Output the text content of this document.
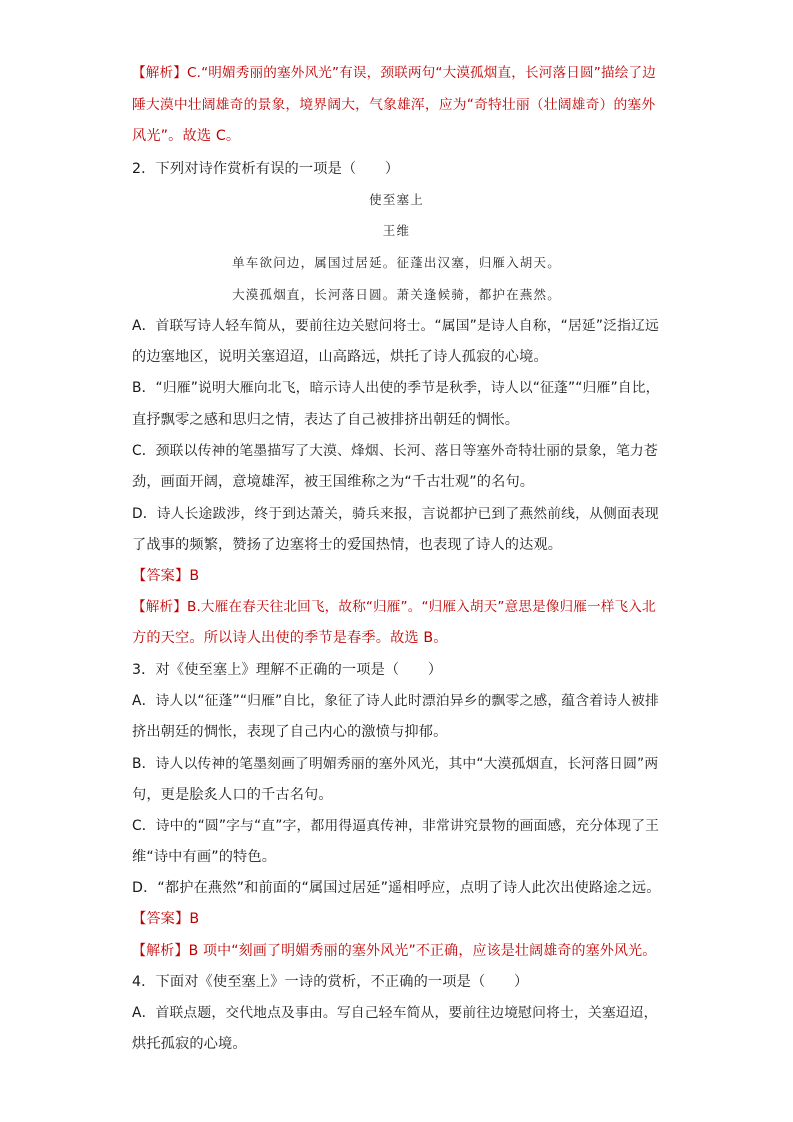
【解析】C.“明媚秀丽的塞外风光”有误，颈联两句“大漠孤烟直，长河落日圆”描绘了边
陲大漠中壮阔雄奇的景象，境界阔大，气象雄浑，应为“奇特壮丽（壮阔雄奇）的塞外
风光”。故选 C。
2．下列对诗作赏析有误的一项是（　　）
使至塞上
王维
单车欲问边，属国过居延。征蓬出汉塞，归雁入胡天。
大漠孤烟直，长河落日圆。萧关逢候骑，都护在燕然。
A．首联写诗人轻车简从，要前往边关慰问将士。“属国”是诗人自称，“居延”泛指辽远
的边塞地区，说明关塞迢迢，山高路远，烘托了诗人孤寂的心境。
B．“归雁”说明大雁向北飞，暗示诗人出使的季节是秋季，诗人以“征蓬”“归雁”自比，
直抒飘零之感和思归之情，表达了自己被排挤出朝廷的惆怅。
C．颈联以传神的笔墨描写了大漠、烽烟、长河、落日等塞外奇特壮丽的景象，笔力苍
劲，画面开阔，意境雄浑，被王国维称之为“千古壮观”的名句。
D．诗人长途跋涉，终于到达萧关，骑兵来报，言说都护已到了燕然前线，从侧面表现
了战事的频繁，赞扬了边塞将士的爱国热情，也表现了诗人的达观。
【答案】B
【解析】B.大雁在春天往北回飞，故称“归雁”。“归雁入胡天”意思是像归雁一样飞入北
方的天空。所以诗人出使的季节是春季。故选 B。
3．对《使至塞上》理解不正确的一项是（　　）
A．诗人以“征蓬”“归雁”自比，象征了诗人此时漂泊异乡的飘零之感，蕴含着诗人被排
挤出朝廷的惆怅，表现了自己内心的激愤与抑郁。
B．诗人以传神的笔墨刻画了明媚秀丽的塞外风光，其中“大漠孤烟直，长河落日圆”两
句，更是脍炙人口的千古名句。
C．诗中的“圆”字与“直”字，都用得逼真传神，非常讲究景物的画面感，充分体现了王
维“诗中有画”的特色。
D．“都护在燕然”和前面的“属国过居延”遥相呼应，点明了诗人此次出使路途之远。
【答案】B
【解析】B 项中“刻画了明媚秀丽的塞外风光”不正确，应该是壮阔雄奇的塞外风光。
4．下面对《使至塞上》一诗的赏析，不正确的一项是（　　）
A．首联点题，交代地点及事由。写自己轻车简从，要前往边境慰问将士，关塞迢迢，
烘托孤寂的心境。
